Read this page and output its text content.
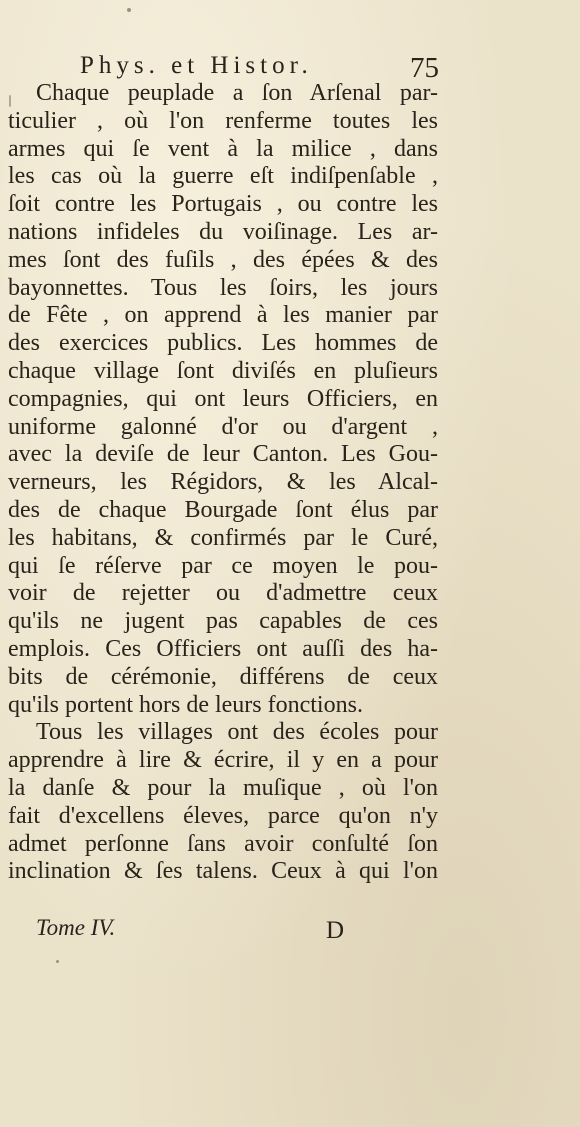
Phys. et Histor.	75
Chaque peuplade a ſon Arſenal par-
ticulier , où l'on renferme toutes les
armes qui ſe vent à la milice , dans
les cas où la guerre eſt indiſpenſable ,
ſoit contre les Portugais , ou contre les
nations infideles du voiſinage. Les ar-
mes ſont des fuſils , des épées & des
bayonnettes. Tous les ſoirs, les jours
de Fête , on apprend à les manier par
des exercices publics. Les hommes de
chaque village ſont diviſés en pluſieurs
compagnies, qui ont leurs Officiers, en
uniforme galonné d'or ou d'argent ,
avec la deviſe de leur Canton. Les Gou-
verneurs, les Régidors, & les Alcal-
des de chaque Bourgade ſont élus par
les habitans, & confirmés par le Curé,
qui ſe réſerve par ce moyen le pou-
voir de rejetter ou d'admettre ceux
qu'ils ne jugent pas capables de ces
emplois. Ces Officiers ont auſſi des ha-
bits de cérémonie, différens de ceux
qu'ils portent hors de leurs fonctions.
Tous les villages ont des écoles pour
apprendre à lire & écrire, il y en a pour
la danſe & pour la muſique , où l'on
fait d'excellens éleves, parce qu'on n'y
admet perſonne ſans avoir conſulté ſon
inclination & ſes talens. Ceux à qui l'on
Tome IV.	D
